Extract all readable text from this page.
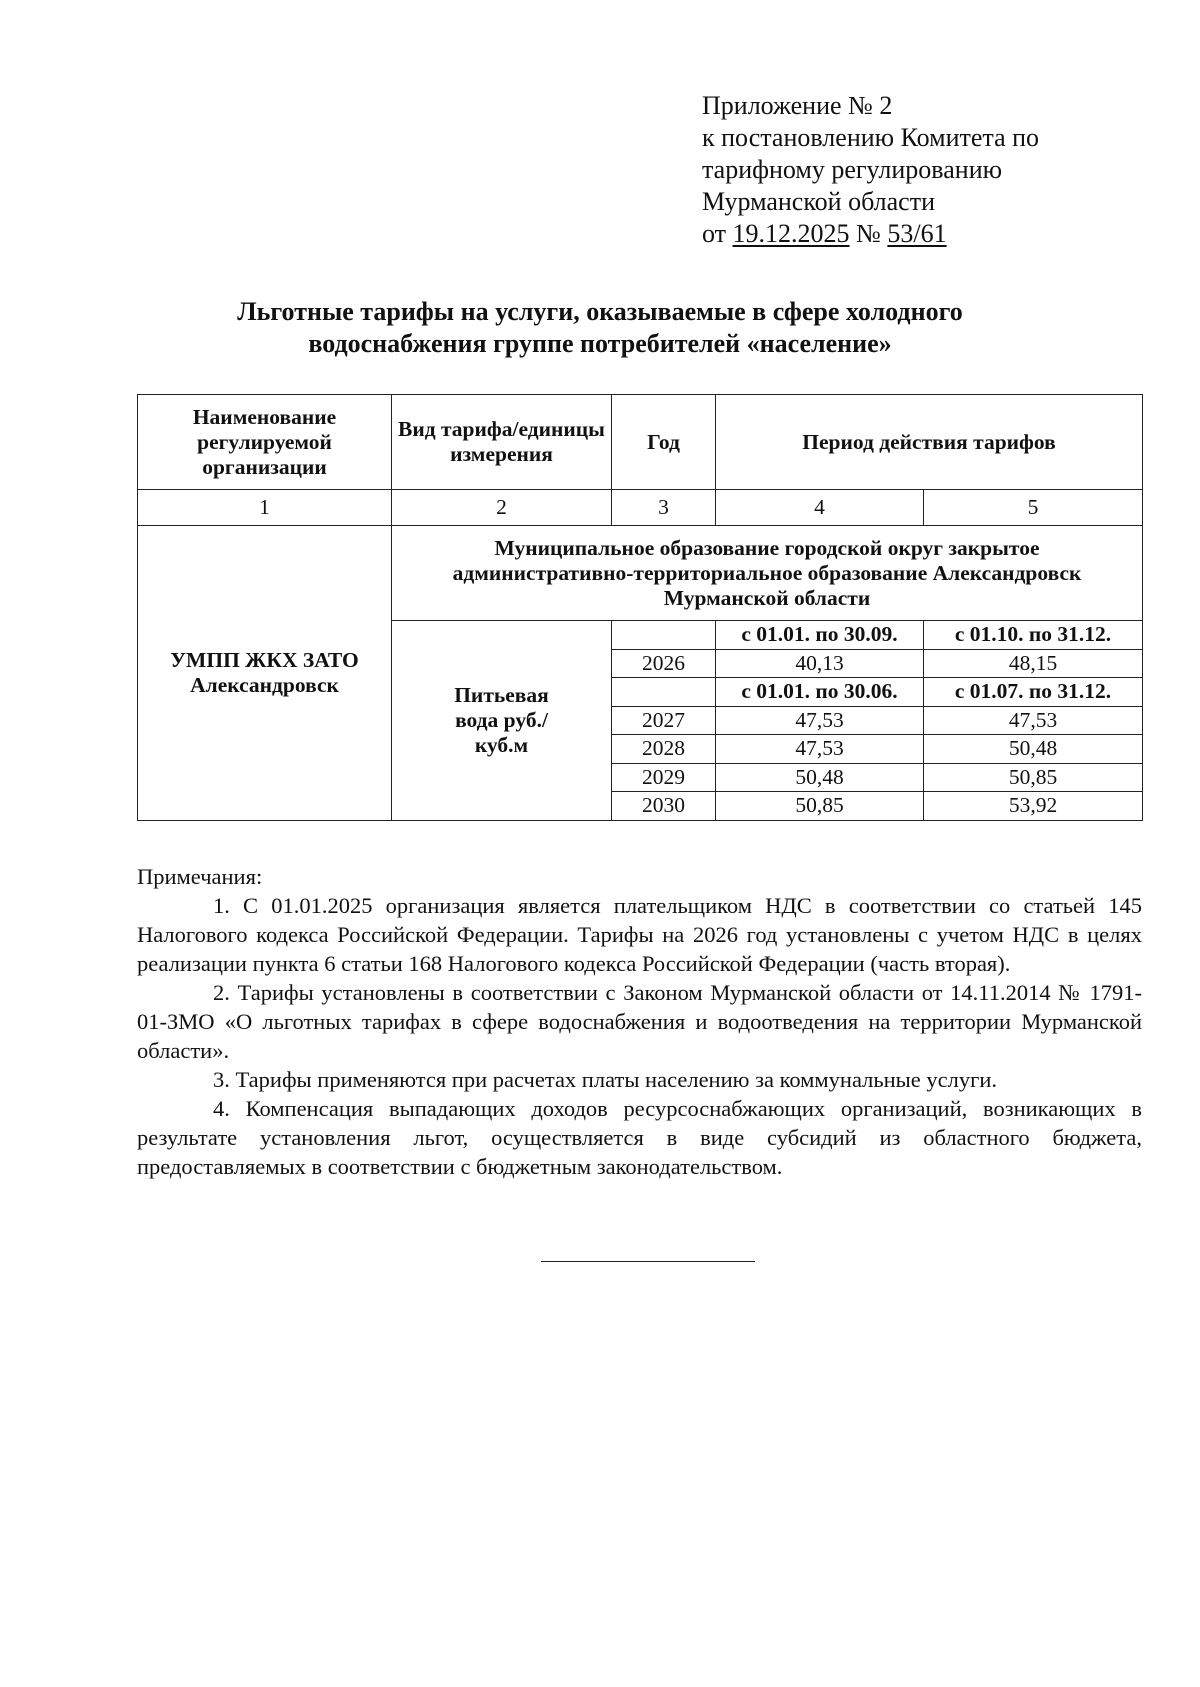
Приложение № 2
к постановлению Комитета по
тарифному регулированию
Мурманской области
от 19.12.2025 № 53/61
Льготные тарифы на услуги, оказываемые в сфере холодного
водоснабжения группе потребителей «население»
Наименование регулируемой организации	Вид тарифа/единицы измерения	Год	Период действия тарифов	
1	2	3	4	5
УМПП ЖКХ ЗАТО Александровск	Муниципальное образование городской округ закрытое административно-территориальное образование Александровск Мурманской области			
	Питьевая вода руб./куб.м		с 01.01. по 30.09.	с 01.10. по 31.12.
		2026	40,13	48,15
			с 01.01. по 30.06.	с 01.07. по 31.12.
		2027	47,53	47,53
		2028	47,53	50,48
		2029	50,48	50,85
		2030	50,85	53,92

Примечания:

1. С 01.01.2025 организация является плательщиком НДС в соответствии со статьей 145 Налогового кодекса Российской Федерации. Тарифы на 2026 год установлены с учетом НДС в целях реализации пункта 6 статьи 168 Налогового кодекса Российской Федерации (часть вторая).

2. Тарифы установлены в соответствии с Законом Мурманской области от 14.11.2014 № 1791-01-ЗМО «О льготных тарифах в сфере водоснабжения и водоотведения на территории Мурманской области».

3. Тарифы применяются при расчетах платы населению за коммунальные услуги.

4. Компенсация выпадающих доходов ресурсоснабжающих организаций, возникающих в результате установления льгот, осуществляется в виде субсидий из областного бюджета, предоставляемых в соответствии с бюджетным законодательством.
